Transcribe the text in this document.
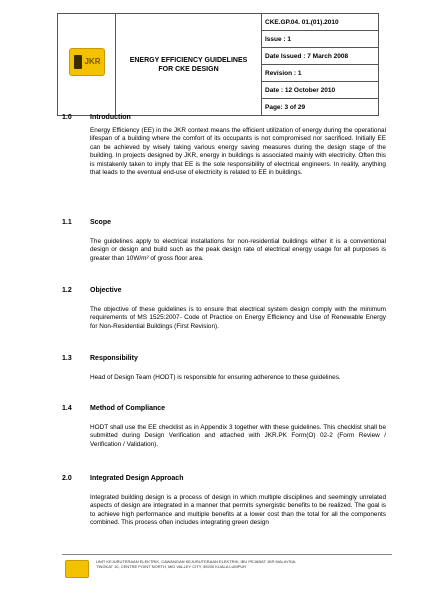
JKR	ENERGY EFFICIENCY GUIDELINES
FOR CKE DESIGN
	CKE.GP.04. 01.(01).2010
Issue : 1
Date Issued : 7 March 2008
Revision : 1
Date : 12 October 2010
Page: 3 of 29
1.0	Introduction
Energy Efficiency (EE) in the JKR context means the efficient utilization of energy during the operational lifespan of a building where the comfort of its occupants is not compromised nor sacrificed. Initially EE can be achieved by wisely taking various energy saving measures during the design stage of the building. In projects designed by JKR, energy in buildings is associated mainly with electricity. Often this is mistakenly taken to imply that EE is the sole responsibility of electrical engineers. In reality, anything that leads to the eventual end-use of electricity is related to EE in buildings.
1.1	Scope
The guidelines apply to electrical installations for non-residential buildings either it is a conventional design or design and build such as the peak design rate of electrical energy usage for all purposes is greater than 10W/m² of gross floor area.
1.2	Objective
The objective of these guidelines is to ensure that electrical system design comply with the minimum requirements of MS 1525:2007- Code of Practice on Energy Efficiency and Use of Renewable Energy for Non-Residential Buildings (First Revision).
1.3	Responsibility
Head of Design Team (HODT) is responsible for ensuring adherence to these guidelines.
1.4	Method of Compliance
HODT shall use the EE checklist as in Appendix 3 together with these guidelines. This checklist shall be submitted during Design Verification and attached with JKR.PK Form(O) 02-2 (Form Review / Verification / Validation).
2.0	Integrated Design Approach
Integrated building design is a process of design in which multiple disciplines and seemingly unrelated aspects of design are integrated in a manner that permits synergistic benefits to be realized. The goal is to achieve high performance and multiple benefits at a lower cost than the total for all the components combined. This process often includes integrating green design
UNIT KEJURUTERAAN ELEKTRIK, CAWANGAN KEJURUTERAAN ELEKTRIK, IBU PEJABAT JKR MALAYSIA,
TINGKAT 10, CENTRE POINT NORTH, MID VALLEY CITY, 59200 KUALA LUMPUR
